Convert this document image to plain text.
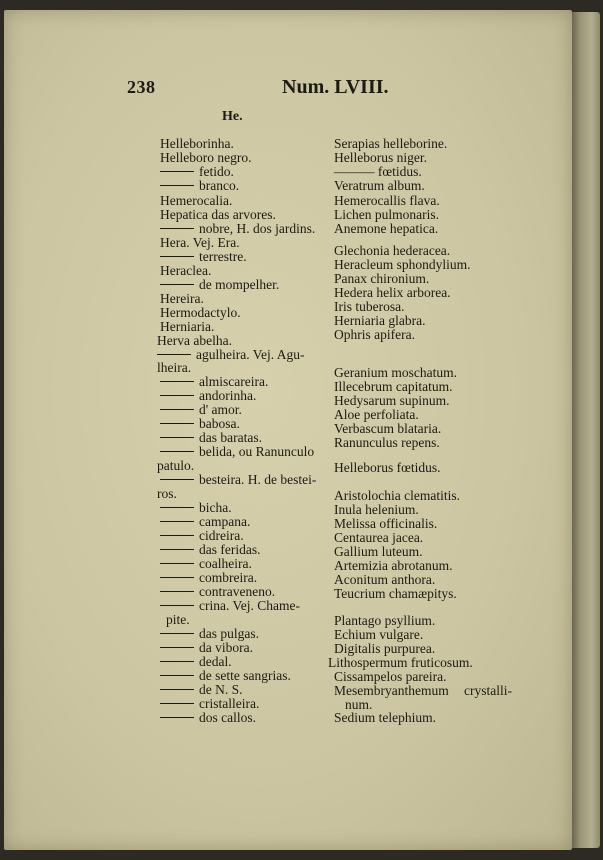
238	Num. LVIII.
He.
Helleborinha.
Helleboro negro.
fetido.
branco.
Hemerocalia.
Hepatica das arvores.
nobre, H. dos jardins.
Hera. Vej. Era.
terrestre.
Heraclea.
de mompelher.
Hereira.
Hermodactylo.
Herniaria.
Herva abelha.
agulheira. Vej. Agu-
lheira.
almiscareira.
andorinha.
d' amor.
babosa.
das baratas.
belida, ou Ranunculo
patulo.
besteira. H. de bestei-
ros.
bicha.
campana.
cidreira.
das feridas.
coalheira.
combreira.
contraveneno.
crina. Vej. Chame-
pite.
das pulgas.
da vibora.
dedal.
de sette sangrias.
de N. S.
cristalleira.
dos callos.
Serapias helleborine.
Helleborus niger.
——— fœtidus.
Veratrum album.
Hemerocallis flava.
Lichen pulmonaris.
Anemone hepatica.
Glechonia hederacea.
Heracleum sphondylium.
Panax chironium.
Hedera helix arborea.
Iris tuberosa.
Herniaria glabra.
Ophris apifera.
Geranium moschatum.
Illecebrum capitatum.
Hedysarum supinum.
Aloe perfoliata.
Verbascum blataria.
Ranunculus repens.
Helleborus fœtidus.
Aristolochia clematitis.
Inula helenium.
Melissa officinalis.
Centaurea jacea.
Gallium luteum.
Artemizia abrotanum.
Aconitum anthora.
Teucrium chamæpitys.
Plantago psyllium.
Echium vulgare.
Digitalis purpurea.
Lithospermum fruticosum.
Cissampelos pareira.
Mesembryanthemum crystalli-
num.
Sedium telephium.
